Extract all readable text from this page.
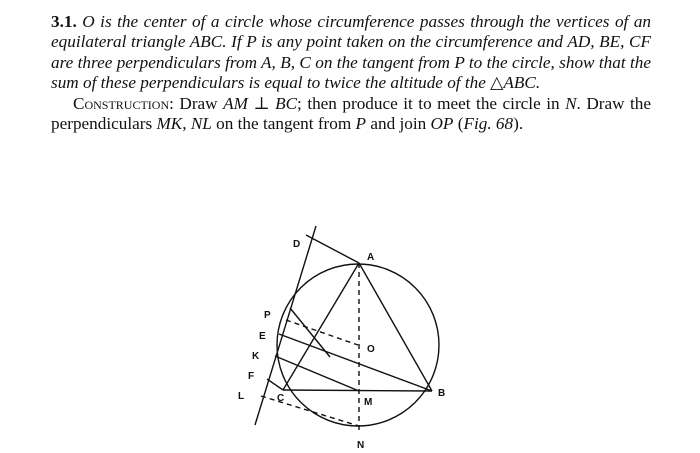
3.1. O is the center of a circle whose circumference passes through the vertices of an equilateral triangle ABC. If P is any point taken on the circumference and AD, BE, CF are three perpendiculars from A, B, C on the tangent from P to the circle, show that the sum of these perpendiculars is equal to twice the altitude of the △ABC.

Construction: Draw AM ⊥ BC; then produce it to meet the circle in N. Draw the perpendiculars MK, NL on the tangent from P and join OP (Fig. 68).

D
A
P
E
O
K
F
L	C	M
B
N
